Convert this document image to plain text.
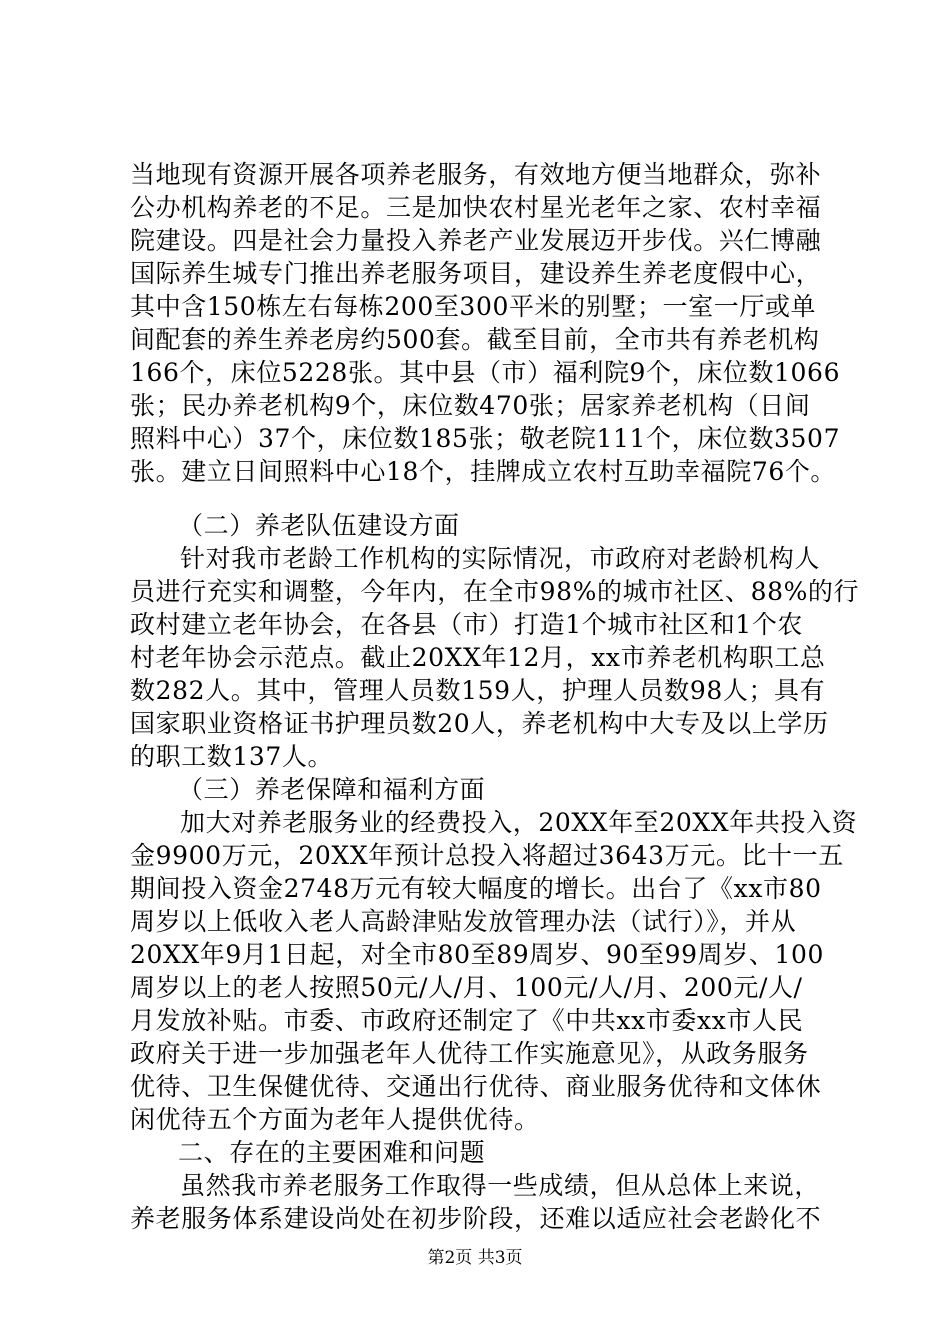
当地现有资源开展各项养老服务，有效地方便当地群众，弥补
公办机构养老的不足。三是加快农村星光老年之家、农村幸福
院建设。四是社会力量投入养老产业发展迈开步伐。兴仁博融
国际养生城专门推出养老服务项目，建设养生养老度假中心，
其中含150栋左右每栋200至300平米的别墅；一室一厅或单
间配套的养生养老房约500套。截至目前，全市共有养老机构
166个，床位5228张。其中县（市）福利院9个，床位数1066
张；民办养老机构9个，床位数470张；居家养老机构（日间
照料中心）37个，床位数185张；敬老院111个，床位数3507
张。建立日间照料中心18个，挂牌成立农村互助幸福院76个。
（二）养老队伍建设方面
针对我市老龄工作机构的实际情况，市政府对老龄机构人
员进行充实和调整，今年内，在全市98%的城市社区、88%的行
政村建立老年协会，在各县（市）打造1个城市社区和1个农
村老年协会示范点。截止20XX年12月，xx市养老机构职工总
数282人。其中，管理人员数159人，护理人员数98人；具有
国家职业资格证书护理员数20人，养老机构中大专及以上学历
的职工数137人。
（三）养老保障和福利方面
加大对养老服务业的经费投入，20XX年至20XX年共投入资
金9900万元，20XX年预计总投入将超过3643万元。比十一五
期间投入资金2748万元有较大幅度的增长。出台了《xx市80
周岁以上低收入老人高龄津贴发放管理办法（试行）》，并从
20XX年9月1日起，对全市80至89周岁、90至99周岁、100
周岁以上的老人按照50元/人/月、100元/人/月、200元/人/
月发放补贴。市委、市政府还制定了《中共xx市委xx市人民
政府关于进一步加强老年人优待工作实施意见》，从政务服务
优待、卫生保健优待、交通出行优待、商业服务优待和文体休
闲优待五个方面为老年人提供优待。
二、存在的主要困难和问题
虽然我市养老服务工作取得一些成绩，但从总体上来说，
养老服务体系建设尚处在初步阶段，还难以适应社会老龄化不
第2页 共3页
